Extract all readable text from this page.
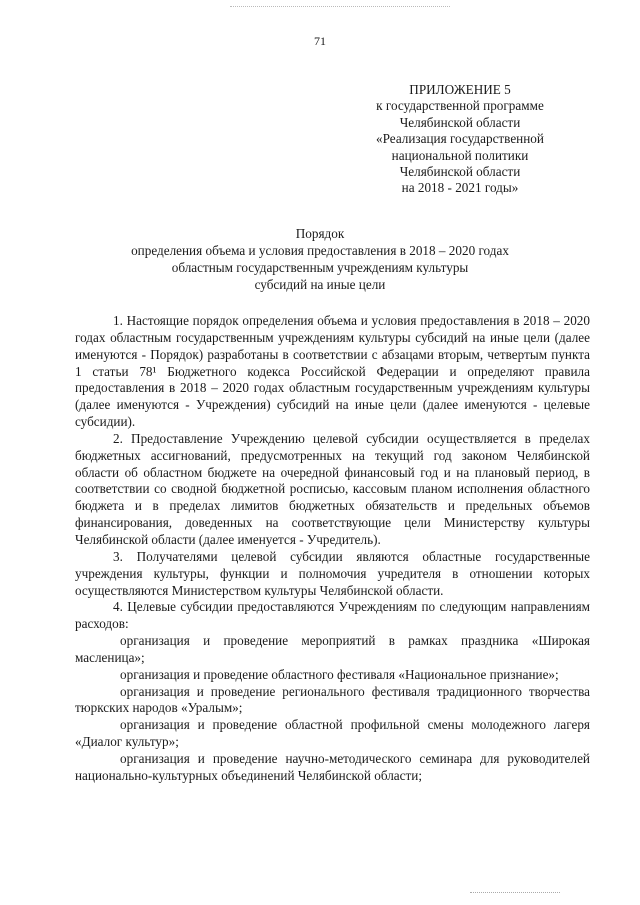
71
ПРИЛОЖЕНИЕ 5
к государственной программе
Челябинской области
«Реализация государственной
национальной политики
Челябинской области
на 2018 - 2021 годы»
Порядок
определения объема и условия предоставления в 2018 – 2020 годах
областным государственным учреждениям культуры
субсидий на иные цели

1. Настоящие порядок определения объема и условия предоставления в 2018 – 2020 годах областным государственным учреждениям культуры субсидий на иные цели (далее именуются - Порядок) разработаны в соответствии с абзацами вторым, четвертым пункта 1 статьи 78¹ Бюджетного кодекса Российской Федерации и определяют правила предоставления в 2018 – 2020 годах областным государственным учреждениям культуры (далее именуются - Учреждения) субсидий на иные цели (далее именуются - целевые субсидии).

2. Предоставление Учреждению целевой субсидии осуществляется в пределах бюджетных ассигнований, предусмотренных на текущий год законом Челябинской области об областном бюджете на очередной финансовый год и на плановый период, в соответствии со сводной бюджетной росписью, кассовым планом исполнения областного бюджета и в пределах лимитов бюджетных обязательств и предельных объемов финансирования, доведенных на соответствующие цели Министерству культуры Челябинской области (далее именуется - Учредитель).

3. Получателями целевой субсидии являются областные государственные учреждения культуры, функции и полномочия учредителя в отношении которых осуществляются Министерством культуры Челябинской области.

4. Целевые субсидии предоставляются Учреждениям по следующим направлениям расходов:

организация и проведение мероприятий в рамках праздника «Широкая масленица»;

организация и проведение областного фестиваля «Национальное признание»;

организация и проведение регионального фестиваля традиционного творчества тюркских народов «Уралым»;

организация и проведение областной профильной смены молодежного лагеря «Диалог культур»;

организация и проведение научно-методического семинара для руководителей национально-культурных объединений Челябинской области;
